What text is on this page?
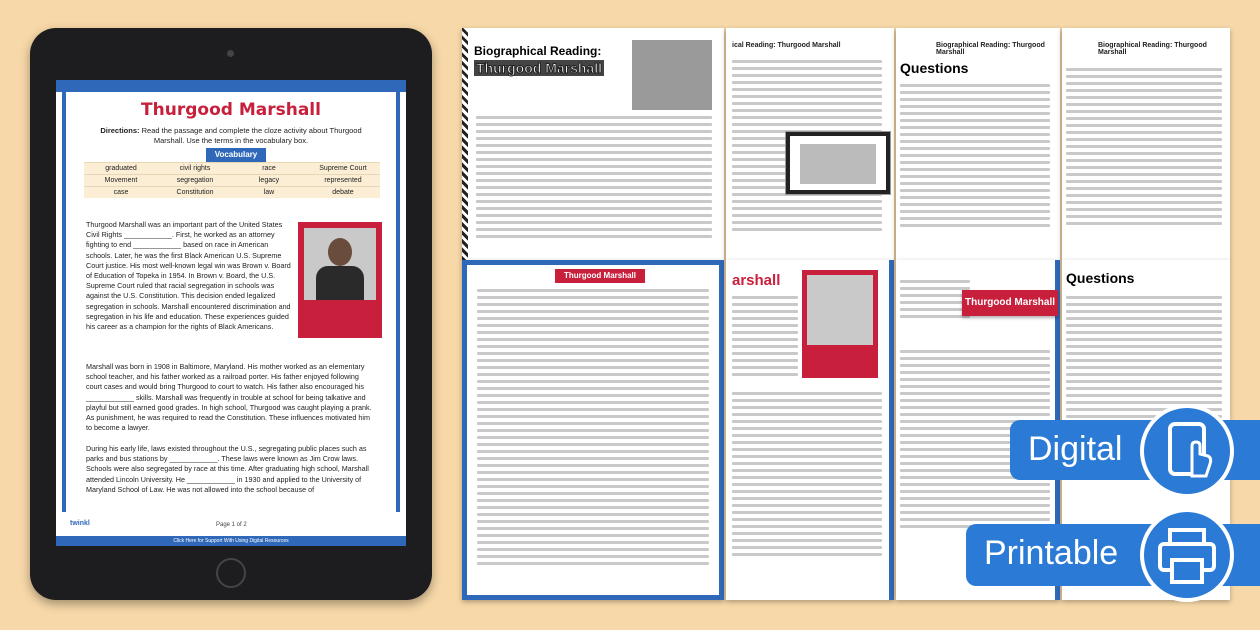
Thurgood Marshall
Directions: Read the passage and complete the cloze activity about Thurgood Marshall. Use the terms in the vocabulary box.
Vocabulary
graduated	civil rights	race	Supreme Court
Movement	segregation	legacy	represented
case	Constitution	law	debate
Thurgood Marshall was an important part of the United States Civil Rights ____________. First, he worked as an attorney fighting to end ____________ based on race in American schools. Later, he was the first Black American U.S. Supreme Court justice. His most well-known legal win was Brown v. Board of Education of Topeka in 1954. In Brown v. Board, the U.S. Supreme Court ruled that racial segregation in schools was against the U.S. Constitution. This decision ended legalized segregation in schools. Marshall encountered discrimination and segregation in his life and education. These experiences guided his career as a champion for the rights of Black Americans.
Marshall was born in 1908 in Baltimore, Maryland. His mother worked as an elementary school teacher, and his father worked as a railroad porter. His father enjoyed following court cases and would bring Thurgood to court to watch. His father also encouraged his ____________ skills. Marshall was frequently in trouble at school for being talkative and playful but still earned good grades. In high school, Thurgood was caught playing a prank. As punishment, he was required to read the Constitution. These influences motivated him to become a lawyer.
During his early life, laws existed throughout the U.S., segregating public places such as parks and bus stations by ____________. These laws were known as Jim Crow laws. Schools were also segregated by race at this time. After graduating high school, Marshall attended Lincoln University. He ____________ in 1930 and applied to the University of Maryland School of Law. He was not allowed into the school because of
twinkl	Page 1 of 2
Click Here for Support With Using Digital Resources
Biographical Reading:
Thurgood Marshall
ical Reading: Thurgood Marshall	Biographical Reading: Thurgood Marshall
Questions
Biographical Reading: Thurgood Marshall
Thurgood Marshall	arshall
Thurgood Marshall
Questions
Digital
Printable
